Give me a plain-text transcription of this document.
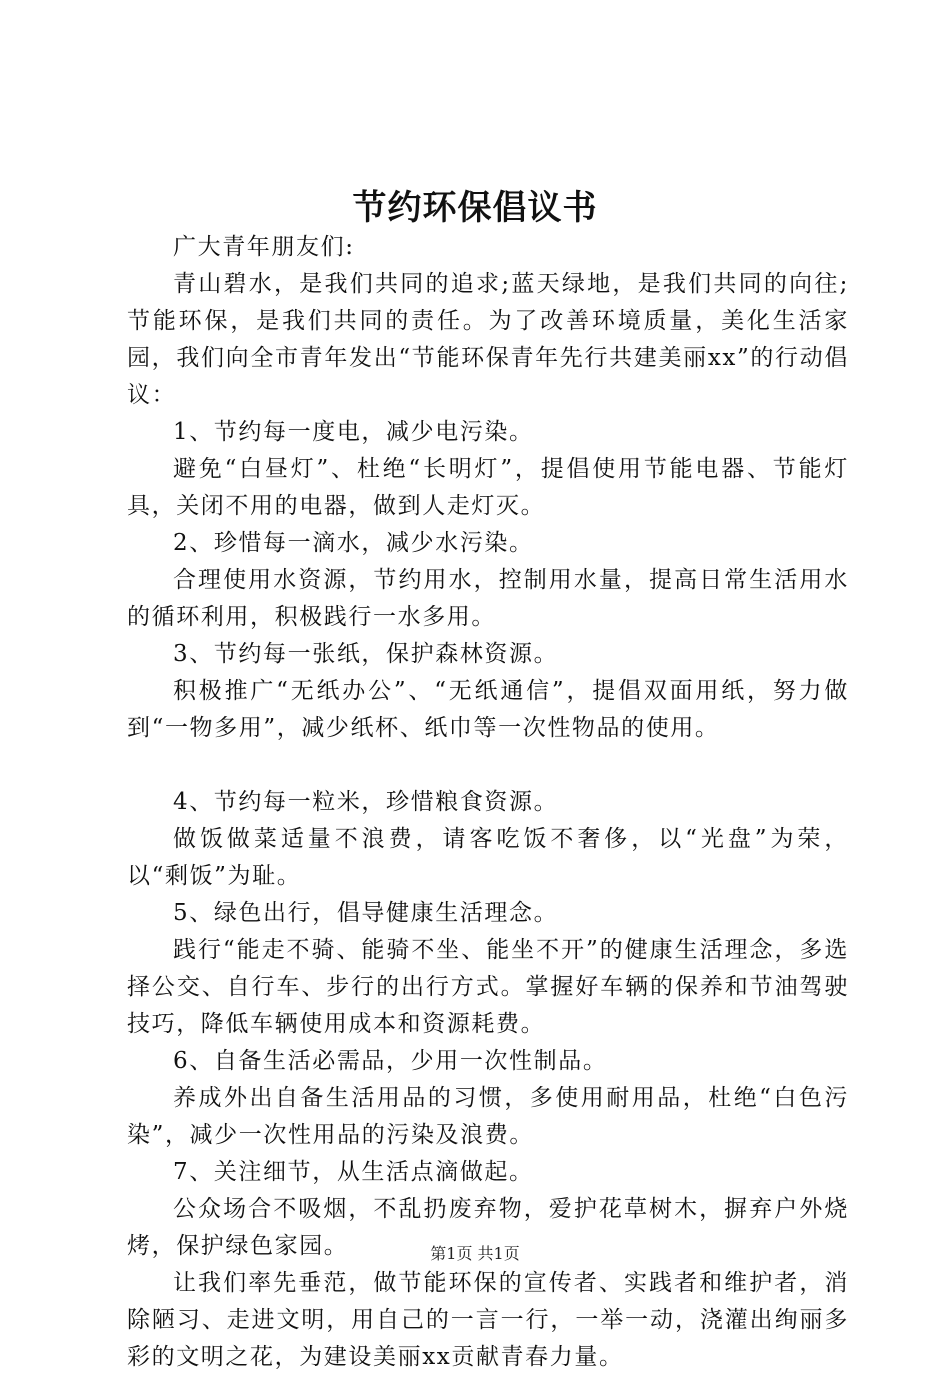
节约环保倡议书

广大青年朋友们:

青山碧水，是我们共同的追求;蓝天绿地，是我们共同的向往;节能环保，是我们共同的责任。为了改善环境质量，美化生活家园，我们向全市青年发出“节能环保青年先行共建美丽xx”的行动倡议：

1、节约每一度电，减少电污染。

避免“白昼灯”、杜绝“长明灯”，提倡使用节能电器、节能灯具，关闭不用的电器，做到人走灯灭。

2、珍惜每一滴水，减少水污染。

合理使用水资源，节约用水，控制用水量，提高日常生活用水的循环利用，积极践行一水多用。

3、节约每一张纸，保护森林资源。

积极推广“无纸办公”、“无纸通信”，提倡双面用纸，努力做到“一物多用”，减少纸杯、纸巾等一次性物品的使用。

4、节约每一粒米，珍惜粮食资源。

做饭做菜适量不浪费，请客吃饭不奢侈，以“光盘”为荣，以“剩饭”为耻。

5、绿色出行，倡导健康生活理念。

践行“能走不骑、能骑不坐、能坐不开”的健康生活理念，多选择公交、自行车、步行的出行方式。掌握好车辆的保养和节油驾驶技巧，降低车辆使用成本和资源耗费。

6、自备生活必需品，少用一次性制品。

养成外出自备生活用品的习惯，多使用耐用品，杜绝“白色污染”，减少一次性用品的污染及浪费。

7、关注细节，从生活点滴做起。

公众场合不吸烟，不乱扔废弃物，爱护花草树木，摒弃户外烧烤，保护绿色家园。

让我们率先垂范，做节能环保的宣传者、实践者和维护者，消除陋习、走进文明，用自己的一言一行，一举一动，浇灌出绚丽多彩的文明之花，为建设美丽xx贡献青春力量。

第1页 共1页
